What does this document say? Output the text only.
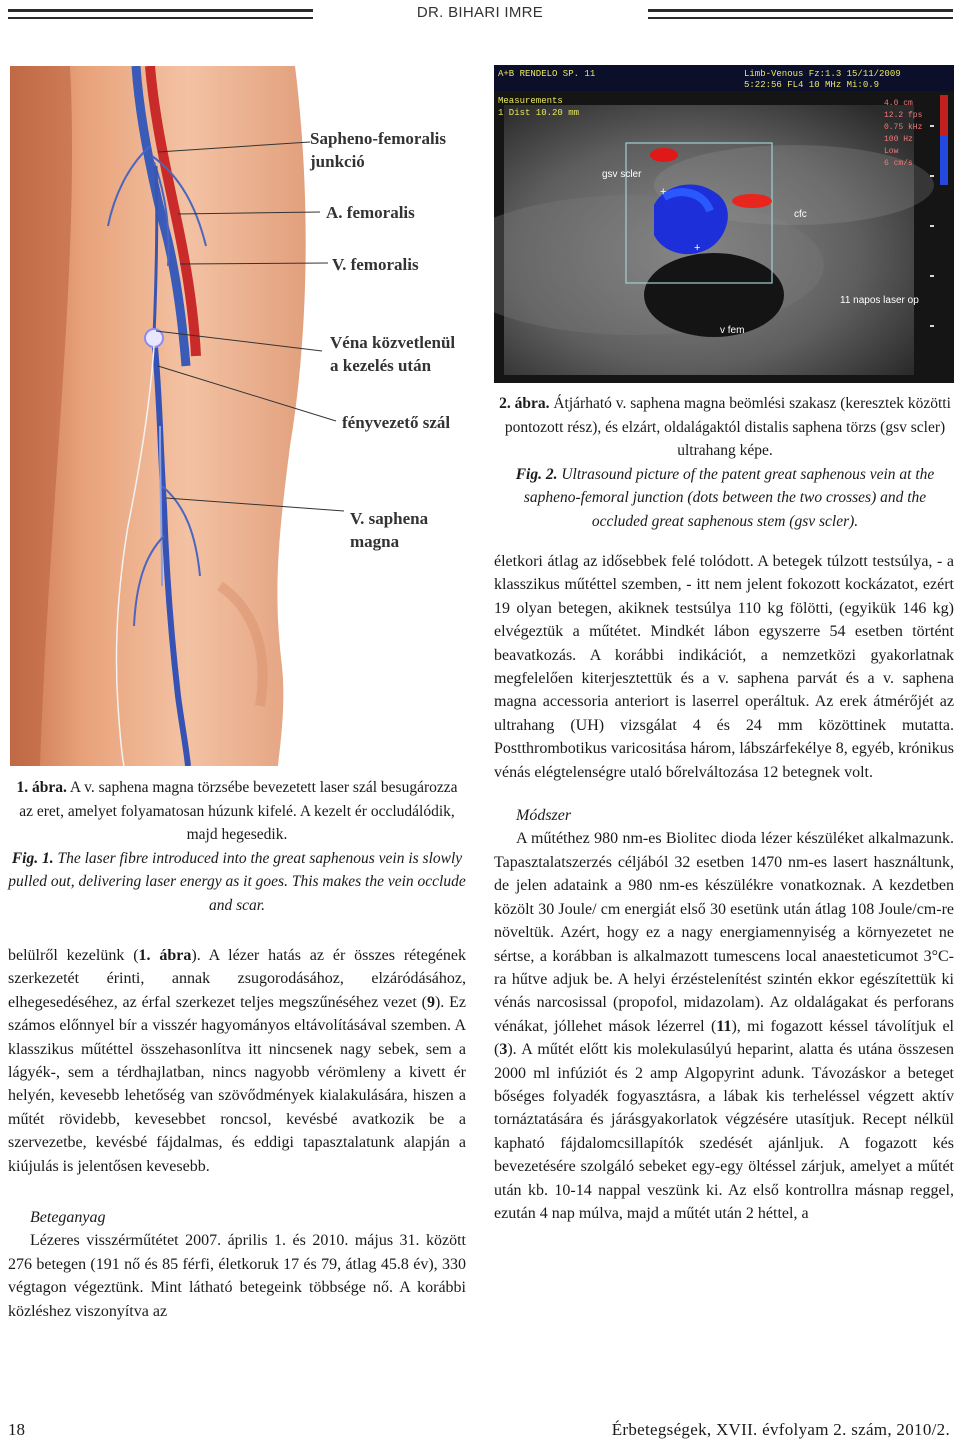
DR. BIHARI IMRE
Sapheno-femoralis
junkció
A. femoralis
V. femoralis
Véna közvetlenül
a kezelés után
fényvezető szál
V. saphena
magna
+
+
A+B RENDELO SP. 11	Limb-Venous Fz:1.3 15/11/2009
5:22:56 FL4 10 MHz Mi:0.9
Measurements
1 Dist 10.20 mm
gsv scler
cfc
v fem
11 napos laser op
4.0 cm
12.2 fps
0.75 kHz
100 Hz
Low
6 cm/s
2. ábra. Átjárható v. saphena magna beömlési szakasz (keresztek közötti pontozott rész), és elzárt, oldalágaktól distalis saphena törzs (gsv scler) ultrahang képe.
Fig. 2. Ultrasound picture of the patent great saphenous vein at the sapheno-femoral junction (dots between the two crosses) and the occluded great saphenous stem (gsv scler).
1. ábra. A v. saphena magna törzsébe bevezetett laser szál besugározza az eret, amelyet folyamatosan húzunk kifelé. A kezelt ér occludálódik, majd hegesedik.
Fig. 1. The laser fibre introduced into the great saphenous vein is slowly pulled out, delivering laser energy as it goes. This makes the vein occlude and scar.

belülről kezelünk (1. ábra). A lézer hatás az ér összes rétegének szerkezetét érinti, annak zsugorodásához, elzáródásához, elhegesedéséhez, az érfal szerkezet teljes megszűnéséhez vezet (9). Ez számos előnnyel bír a visszér hagyományos eltávolításával szemben. A klasszikus műtéttel összehasonlítva itt nincsenek nagy sebek, sem a lágyék-, sem a térdhajlatban, nincs nagyobb vérömleny a kivett ér helyén, kevesebb lehetőség van szövődmények kialakulására, hiszen a műtét rövidebb, kevesebbet roncsol, kevésbé avatkozik be a szervezetbe, kevésbé fájdalmas, és eddigi tapasztalatunk alapján a kiújulás is jelentősen kevesebb.

Beteganyag

Lézeres visszérműtétet 2007. április 1. és 2010. május 31. között 276 betegen (191 nő és 85 férfi, életkoruk 17 és 79, átlag 45.8 év), 330 végtagon végeztünk. Mint látható betegeink többsége nő. A korábbi közléshez viszonyítva az

életkori átlag az idősebbek felé tolódott. A betegek túlzott testsúlya, - a klasszikus műtéttel szemben, - itt nem jelent fokozott kockázatot, ezért 19 olyan betegen, akiknek testsúlya 110 kg fölötti, (egyikük 146 kg) elvégeztük a műtétet. Mindkét lábon egyszerre 54 esetben történt beavatkozás. A korábbi indikációt, a nemzetközi gyakorlatnak megfelelően kiterjesztettük és a v. saphena parvát és a v. saphena magna accessoria anteriort is laserrel operáltuk. Az erek átmérőjét az ultrahang (UH) vizsgálat 4 és 24 mm közöttinek mutatta. Postthrombotikus varicositása három, lábszárfekélye 8, egyéb, krónikus vénás elégtelenségre utaló bőrelváltozása 12 betegnek volt.

Módszer

A műtéthez 980 nm-es Biolitec dioda lézer készüléket alkalmazunk. Tapasztalatszerzés céljából 32 esetben 1470 nm-es lasert használtunk, de jelen adataink a 980 nm-es készülékre vonatkoznak. A kezdetben közölt 30 Joule/ cm energiát első 30 esetünk után átlag 108 Joule/cm-re növeltük. Azért, hogy ez a nagy energiamennyiség a környezetet ne sértse, a korábban is alkalmazott tumescens local anaesteticumot 3°C-ra hűtve adjuk be. A helyi érzéstelenítést szintén ekkor egészítettük ki vénás narcosissal (propofol, midazolam). Az oldalágakat és perforans vénákat, jóllehet mások lézerrel (11), mi fogazott késsel távolítjuk el (3). A műtét előtt kis molekulasúlyú heparint, alatta és utána összesen 2000 ml infúziót és 2 amp Algopyrint adunk. Távozáskor a beteget bőséges folyadék fogyasztásra, a lábak kis terheléssel végzett aktív tornáztatására és járásgyakorlatok végzésére utasítjuk. Recept nélkül kapható fájdalomcsillapítók szedését ajánljuk. A fogazott kés bevezetésére szolgáló sebeket egy-egy öltéssel zárjuk, amelyet a műtét után kb. 10-14 nappal veszünk ki. Az első kontrollra másnap reggel, ezután 4 nap múlva, majd a műtét után 2 héttel, a

18	Érbetegségek, XVII. évfolyam 2. szám, 2010/2.
